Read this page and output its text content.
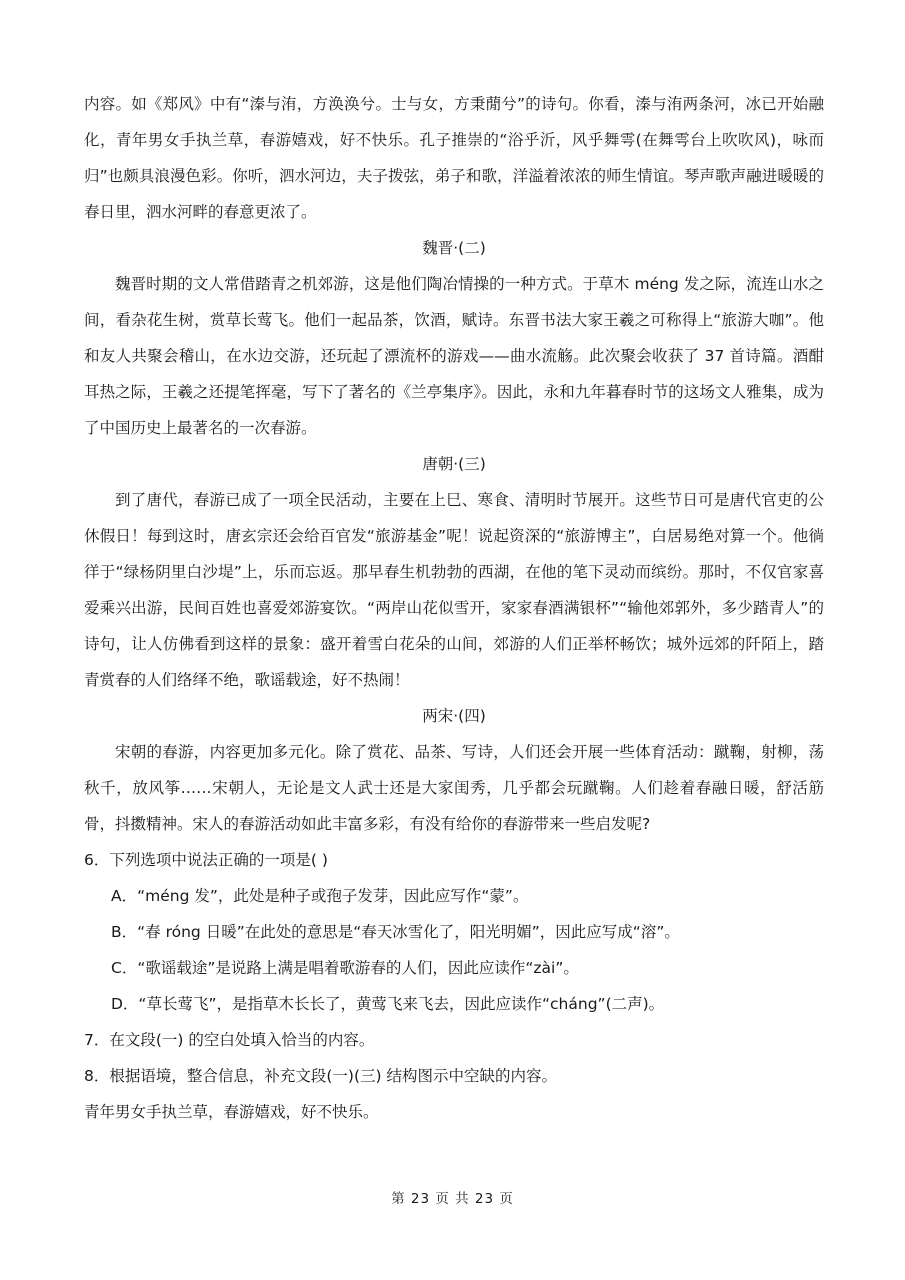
内容。如《郑风》中有“溱与洧，方涣涣兮。士与女，方秉蕑兮”的诗句。你看，溱与洧两条河，冰已开始融化，青年男女手执兰草，春游嬉戏，好不快乐。孔子推崇的“浴乎沂，风乎舞雩(在舞雩台上吹吹风)，咏而归”也颇具浪漫色彩。你听，泗水河边，夫子拨弦，弟子和歌，洋溢着浓浓的师生情谊。琴声歌声融进暖暖的春日里，泗水河畔的春意更浓了。

魏晋·(二)

魏晋时期的文人常借踏青之机郊游，这是他们陶冶情操的一种方式。于草木 méng 发之际，流连山水之间，看杂花生树，赏草长莺飞。他们一起品茶，饮酒，赋诗。东晋书法大家王羲之可称得上“旅游大咖”。他和友人共聚会稽山，在水边交游，还玩起了漂流杯的游戏——曲水流觞。此次聚会收获了 37 首诗篇。酒酣耳热之际，王羲之还提笔挥毫，写下了著名的《兰亭集序》。因此，永和九年暮春时节的这场文人雅集，成为了中国历史上最著名的一次春游。

唐朝·(三)

到了唐代，春游已成了一项全民活动，主要在上巳、寒食、清明时节展开。这些节日可是唐代官吏的公休假日！每到这时，唐玄宗还会给百官发“旅游基金”呢！说起资深的“旅游博主”，白居易绝对算一个。他徜徉于“绿杨阴里白沙堤”上，乐而忘返。那早春生机勃勃的西湖，在他的笔下灵动而缤纷。那时，不仅官家喜爱乘兴出游，民间百姓也喜爱郊游宴饮。“两岸山花似雪开，家家春酒满银杯”“输他郊郭外，多少踏青人”的诗句，让人仿佛看到这样的景象：盛开着雪白花朵的山间，郊游的人们正举杯畅饮；城外远郊的阡陌上，踏青赏春的人们络绎不绝，歌谣载途，好不热闹！

两宋·(四)

宋朝的春游，内容更加多元化。除了赏花、品茶、写诗，人们还会开展一些体育活动：蹴鞠，射柳，荡秋千，放风筝……宋朝人，无论是文人武士还是大家闺秀，几乎都会玩蹴鞠。人们趁着春融日暖，舒活筋骨，抖擞精神。宋人的春游活动如此丰富多彩，有没有给你的春游带来一些启发呢?

6．下列选项中说法正确的一项是( )

A．“méng 发”，此处是种子或孢子发芽，因此应写作“蒙”。

B．“春 róng 日暖”在此处的意思是“春天冰雪化了，阳光明媚”，因此应写成“溶”。

C．“歌谣载途”是说路上满是唱着歌游春的人们，因此应读作“zài”。

D．“草长莺飞”，是指草木长长了，黄莺飞来飞去，因此应读作“cháng”(二声)。

7．在文段(一) 的空白处填入恰当的内容。

8．根据语境，整合信息，补充文段(一)(三) 结构图示中空缺的内容。

青年男女手执兰草，春游嬉戏，好不快乐。

第 23 页 共 23 页
